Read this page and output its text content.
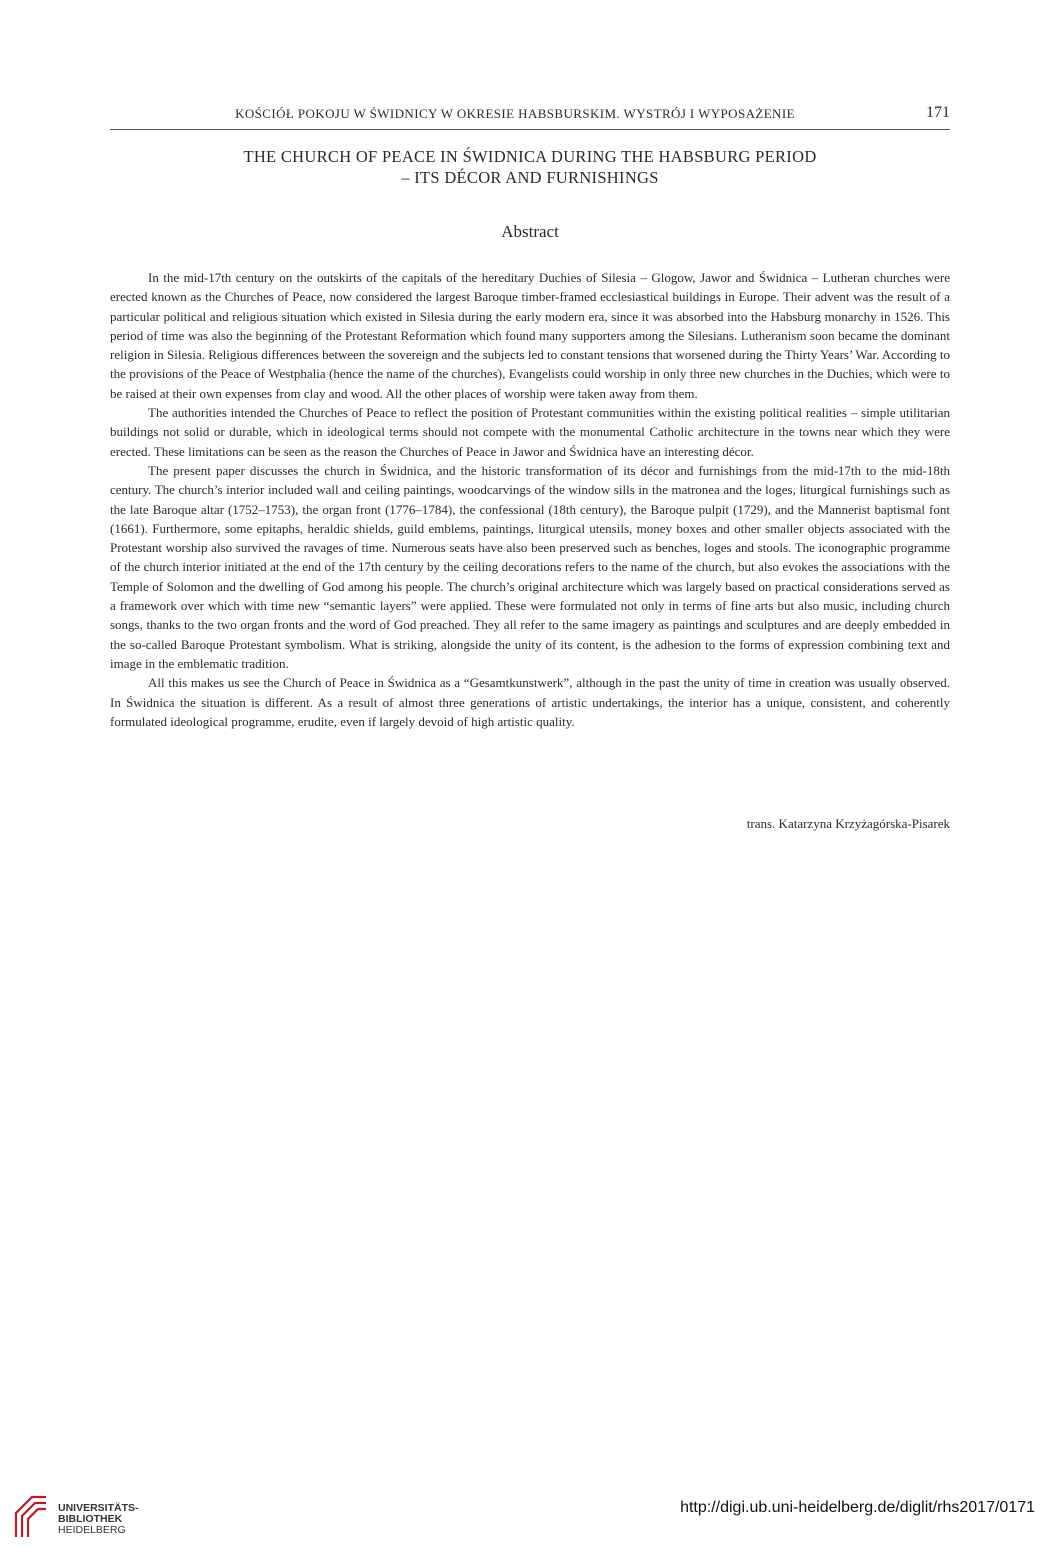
KOŚCIÓŁ POKOJU W ŚWIDNICY W OKRESIE HABSBURSKIM. WYSTRÓJ I WYPOSAŻENIE	171
THE CHURCH OF PEACE IN ŚWIDNICA DURING THE HABSBURG PERIOD
– ITS DÉCOR AND FURNISHINGS
Abstract

In the mid-17th century on the outskirts of the capitals of the hereditary Duchies of Silesia – Glogow, Jawor and Świdnica – Lutheran churches were erected known as the Churches of Peace, now considered the largest Baroque timber-framed ecclesiastical buildings in Europe. Their advent was the result of a particular political and religious situation which existed in Silesia during the early modern era, since it was absorbed into the Habsburg monarchy in 1526. This period of time was also the beginning of the Protestant Reformation which found many supporters among the Silesians. Lutheranism soon became the dominant religion in Silesia. Religious differences between the sovereign and the subjects led to constant tensions that worsened during the Thirty Years’ War. According to the provisions of the Peace of Westphalia (hence the name of the churches), Evangelists could worship in only three new churches in the Duchies, which were to be raised at their own expenses from clay and wood. All the other places of worship were taken away from them.

The authorities intended the Churches of Peace to reflect the position of Protestant communities within the existing political realities – simple utilitarian buildings not solid or durable, which in ideological terms should not compete with the monumental Catholic architecture in the towns near which they were erected. These limitations can be seen as the reason the Churches of Peace in Jawor and Świdnica have an interesting décor.

The present paper discusses the church in Świdnica, and the historic transformation of its décor and furnishings from the mid-17th to the mid-18th century. The church’s interior included wall and ceiling paintings, woodcarvings of the window sills in the matronea and the loges, liturgical furnishings such as the late Baroque altar (1752–1753), the organ front (1776–1784), the confessional (18th century), the Baroque pulpit (1729), and the Mannerist baptismal font (1661). Furthermore, some epitaphs, heraldic shields, guild emblems, paintings, liturgical utensils, money boxes and other smaller objects associated with the Protestant worship also survived the ravages of time. Numerous seats have also been preserved such as benches, loges and stools. The iconographic programme of the church interior initiated at the end of the 17th century by the ceiling decorations refers to the name of the church, but also evokes the associations with the Temple of Solomon and the dwelling of God among his people. The church’s original architecture which was largely based on practical considerations served as a framework over which with time new “semantic layers” were applied. These were formulated not only in terms of fine arts but also music, including church songs, thanks to the two organ fronts and the word of God preached. They all refer to the same imagery as paintings and sculptures and are deeply embedded in the so-called Baroque Protestant symbolism. What is striking, alongside the unity of its content, is the adhesion to the forms of expression combining text and image in the emblematic tradition.

All this makes us see the Church of Peace in Świdnica as a “Gesamtkunstwerk”, although in the past the unity of time in creation was usually observed. In Świdnica the situation is different. As a result of almost three generations of artistic undertakings, the interior has a unique, consistent, and coherently formulated ideological programme, erudite, even if largely devoid of high artistic quality.

trans. Katarzyna Krzyżagórska-Pisarek
UNIVERSITÄTS-
BIBLIOTHEK
HEIDELBERG
http://digi.ub.uni-heidelberg.de/diglit/rhs2017/0171
